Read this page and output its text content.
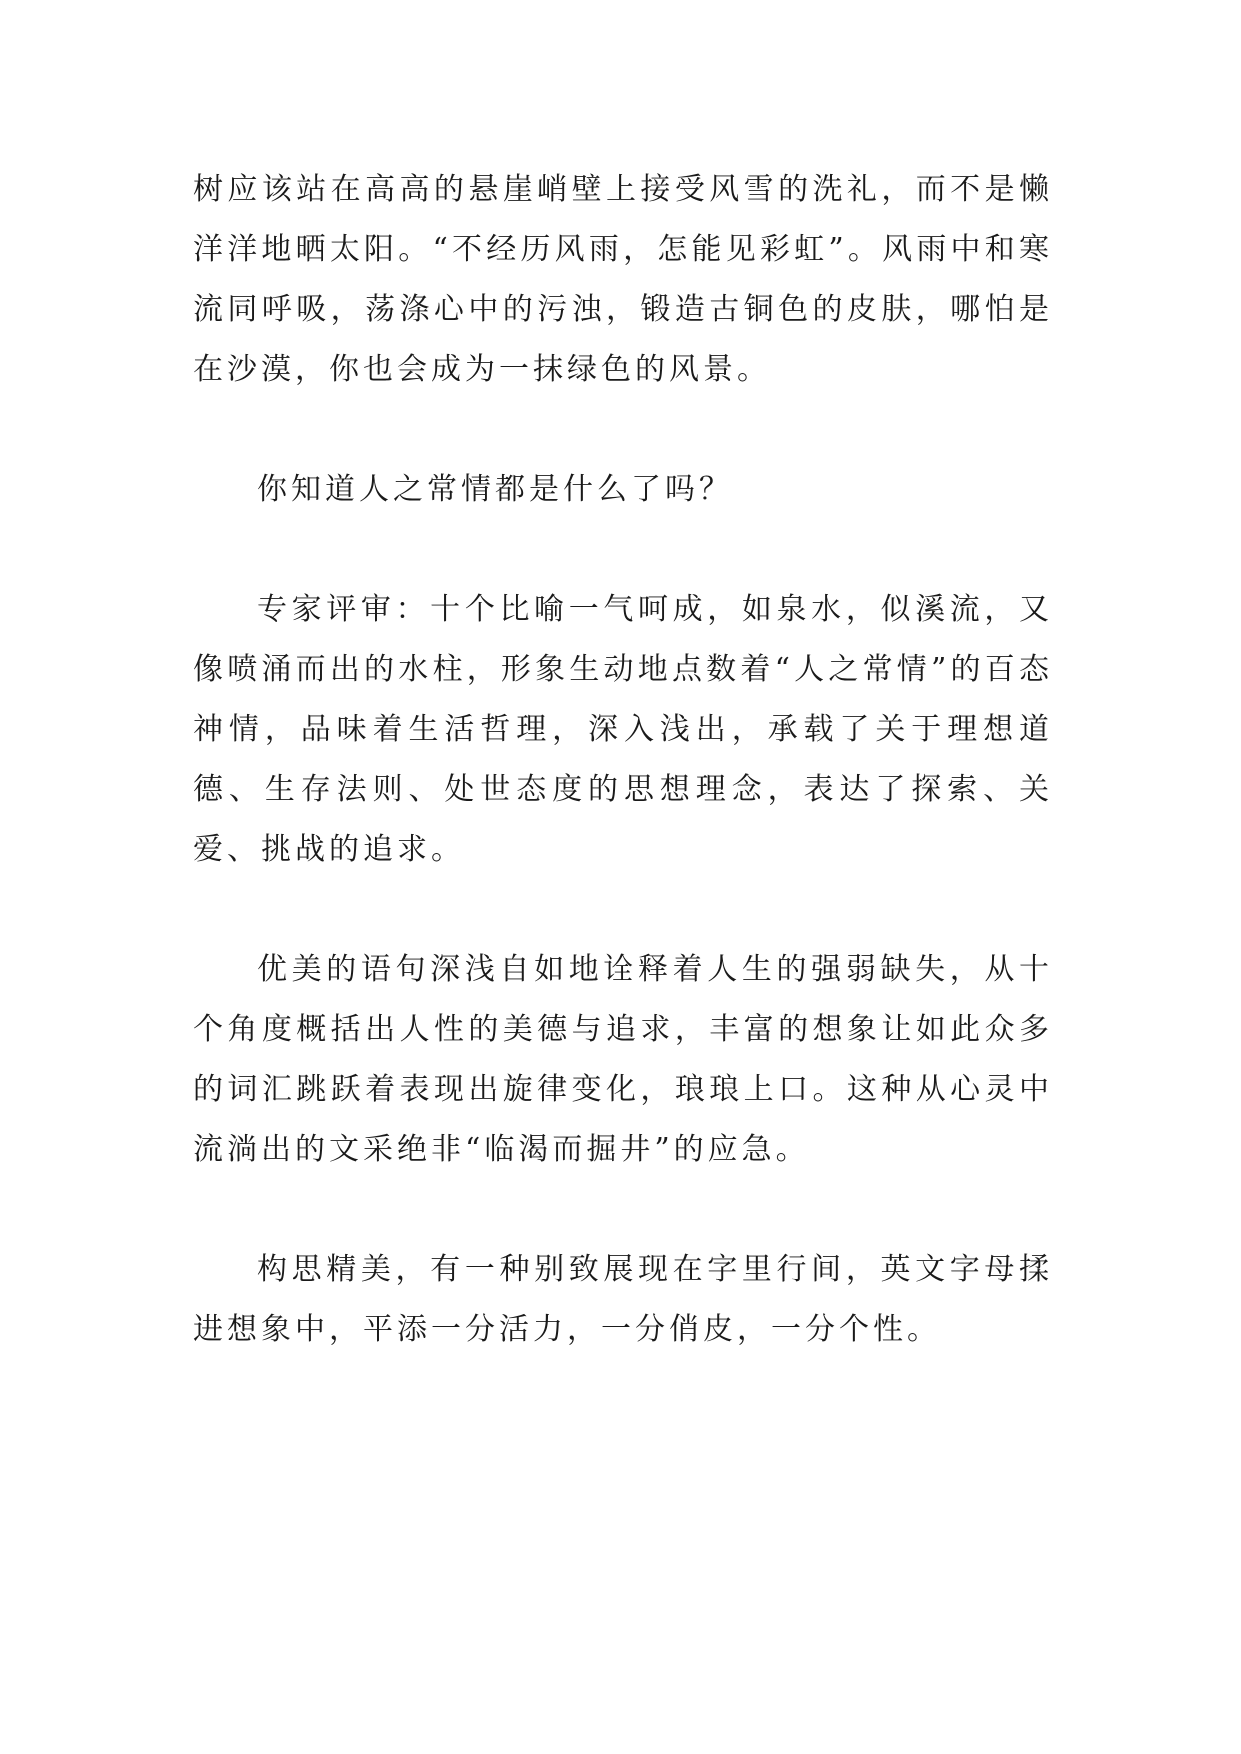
树应该站在高高的悬崖峭壁上接受风雪的洗礼，而不是懒洋洋地晒太阳。“不经历风雨，怎能见彩虹”。风雨中和寒流同呼吸，荡涤心中的污浊，锻造古铜色的皮肤，哪怕是在沙漠，你也会成为一抹绿色的风景。

你知道人之常情都是什么了吗？

专家评审：十个比喻一气呵成，如泉水，似溪流，又像喷涌而出的水柱，形象生动地点数着“人之常情”的百态神情，品味着生活哲理，深入浅出，承载了关于理想道德、生存法则、处世态度的思想理念，表达了探索、关爱、挑战的追求。

优美的语句深浅自如地诠释着人生的强弱缺失，从十个角度概括出人性的美德与追求，丰富的想象让如此众多的词汇跳跃着表现出旋律变化，琅琅上口。这种从心灵中流淌出的文采绝非“临渴而掘井”的应急。

构思精美，有一种别致展现在字里行间，英文字母揉进想象中，平添一分活力，一分俏皮，一分个性。
